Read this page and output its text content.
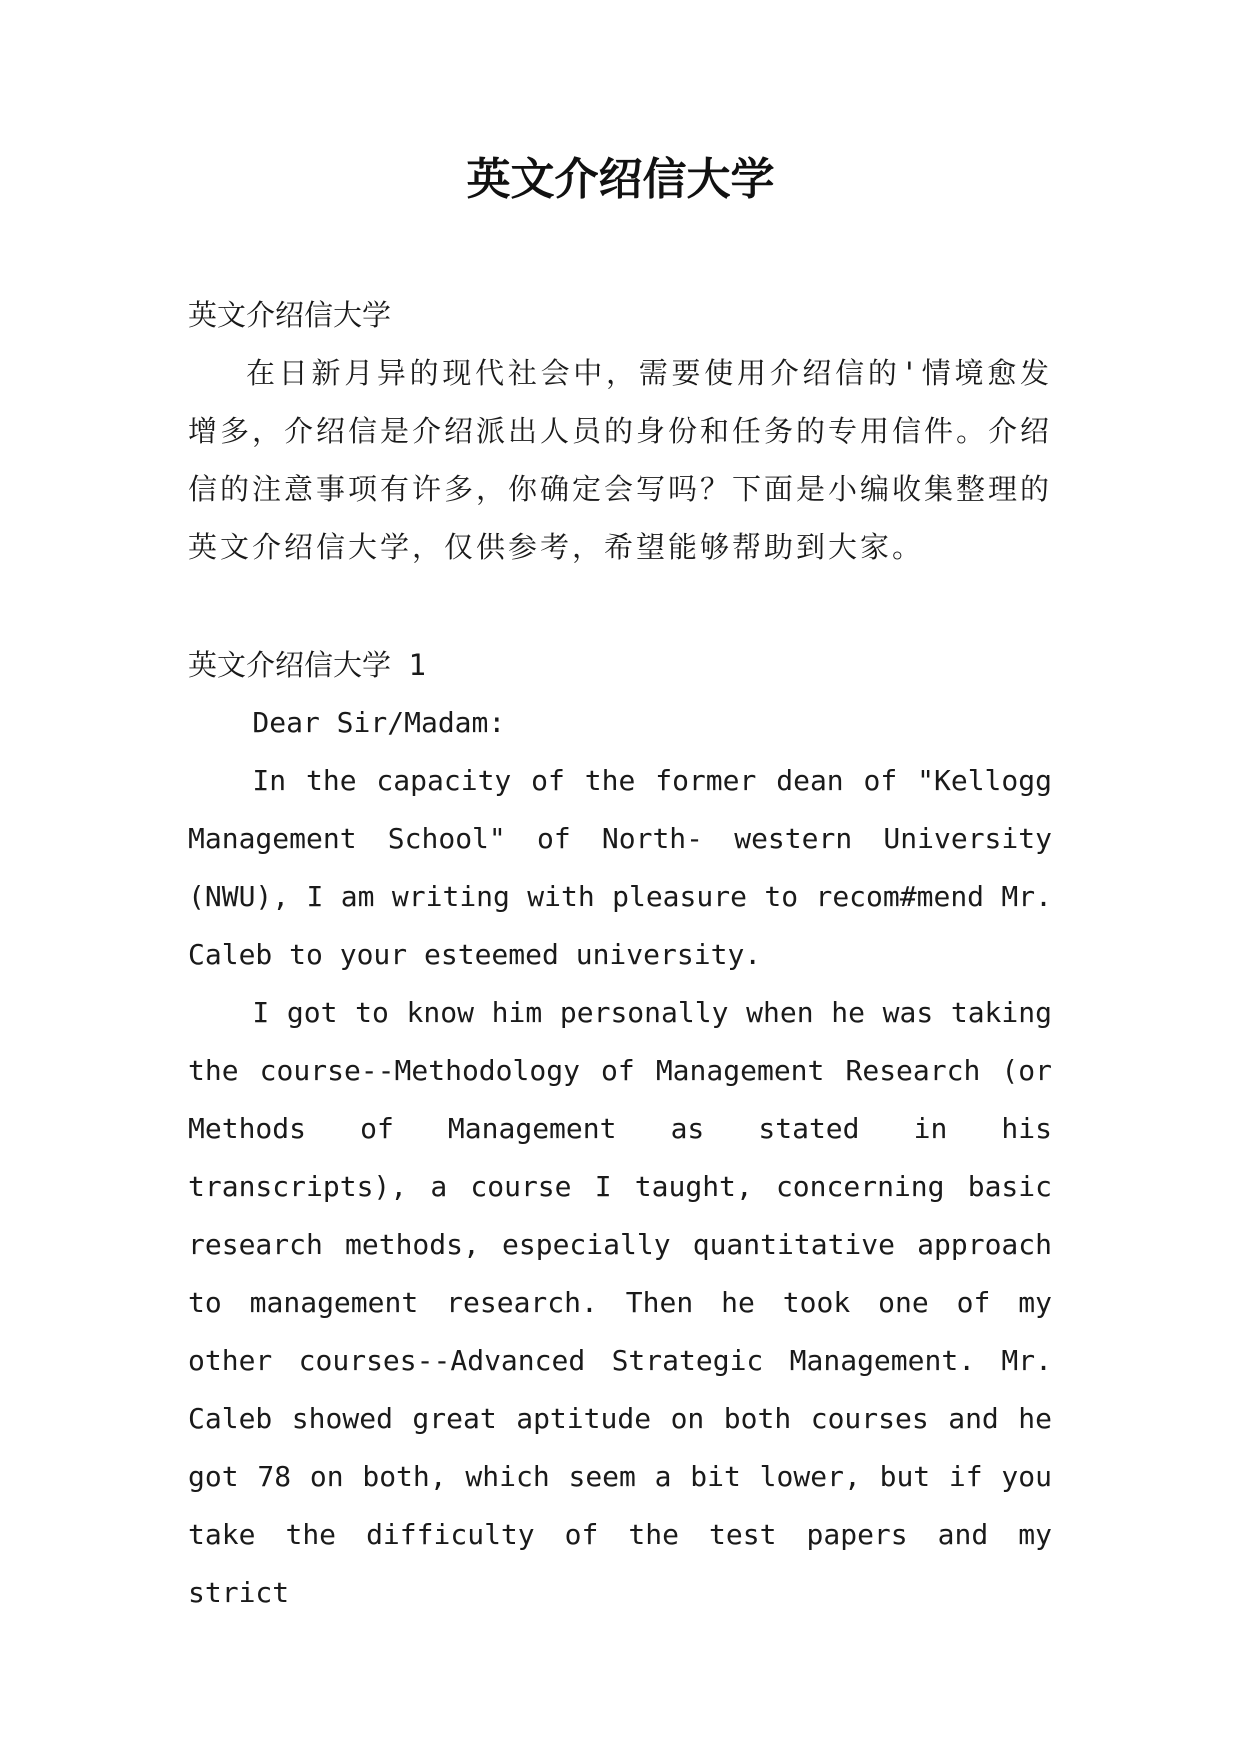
英文介绍信大学

英文介绍信大学

在日新月异的现代社会中，需要使用介绍信的'情境愈发增多，介绍信是介绍派出人员的身份和任务的专用信件。介绍信的注意事项有许多，你确定会写吗？下面是小编收集整理的英文介绍信大学，仅供参考，希望能够帮助到大家。

英文介绍信大学 1

Dear Sir/Madam:

In the capacity of the former dean of "Kellogg Management School" of North- western University (NWU), I am writing with pleasure to recom#mend Mr. Caleb to your esteemed university.

I got to know him personally when he was taking the course--Methodology of Management Research (or Methods of Management as stated in his transcripts), a course I taught, concerning basic research methods, especially quantitative approach to management research. Then he took one of my other courses--Advanced Strategic Management. Mr. Caleb showed great aptitude on both courses and he got 78 on both, which seem a bit lower, but if you take the difficulty of the test papers and my strict
